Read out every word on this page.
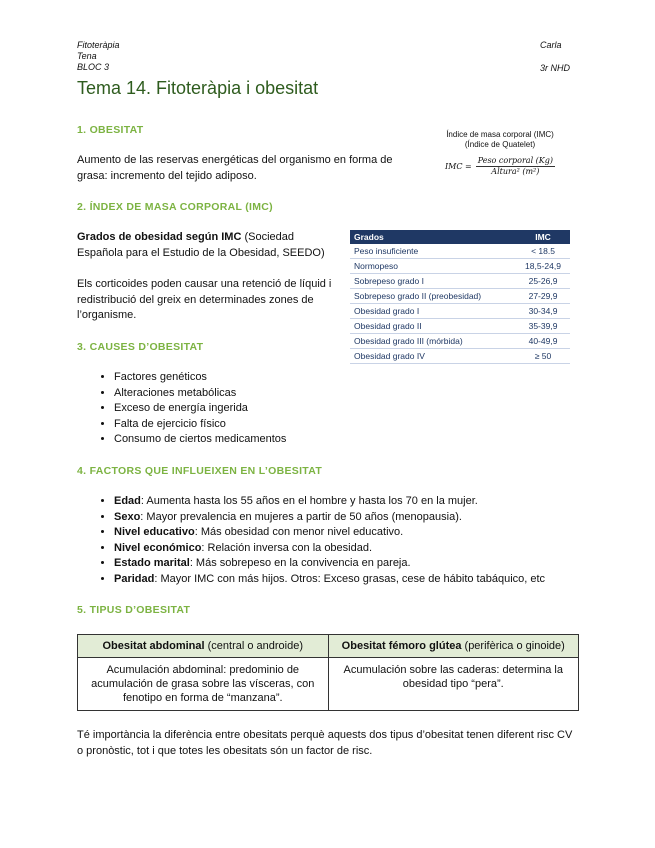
Fitoteràpia
Tena
BLOC 3
Carla
3r NHD
Tema 14. Fitoteràpia i obesitat
1. OBESITAT
Aumento de las reservas energéticas del organismo en forma de grasa: incremento del tejido adiposo.
Índice de masa corporal (IMC)
(Índice de Quatelet)
IMC = $\frac{\text{Peso corporal (Kg)}}{\text{Altura² (m²)}}$
2. ÍNDEX DE MASA CORPORAL (IMC)
Grados de obesidad según IMC (Sociedad Española para el Estudio de la Obesidad, SEEDO)
Els corticoides poden causar una retenció de líquid i redistribució del greix en determinades zones de l’organisme.
Grados	IMC
Peso insuficiente	< 18.5
Normopeso	18,5-24,9
Sobrepeso grado I	25-26,9
Sobrepeso grado II (preobesidad)	27-29,9
Obesidad grado I	30-34,9
Obesidad grado II	35-39,9
Obesidad grado III (mórbida)	40-49,9
Obesidad grado IV	≥ 50
3. CAUSES D’OBESITAT
• Factores genéticos
• Alteraciones metabólicas
• Exceso de energía ingerida
• Falta de ejercicio físico
• Consumo de ciertos medicamentos
4. FACTORS QUE INFLUEIXEN EN L’OBESITAT
• Edad: Aumenta hasta los 55 años en el hombre y hasta los 70 en la mujer.
• Sexo: Mayor prevalencia en mujeres a partir de 50 años (menopausia).
• Nivel educativo: Más obesidad con menor nivel educativo.
• Nivel económico: Relación inversa con la obesidad.
• Estado marital: Más sobrepeso en la convivencia en pareja.
• Paridad: Mayor IMC con más hijos. Otros: Exceso grasas, cese de hábito tabáquico, etc
5. TIPUS D’OBESITAT
Obesitat abdominal (central o androide)	Obesitat fémoro glútea (perifèrica o ginoide)
Acumulación abdominal: predominio de acumulación de grasa sobre las vísceras, con fenotipo en forma de “manzana”.	Acumulación sobre las caderas: determina la obesidad tipo “pera”.
Té importància la diferència entre obesitats perquè aquests dos tipus d’obesitat tenen diferent risc CV o pronòstic, tot i que totes les obesitats són un factor de risc.
